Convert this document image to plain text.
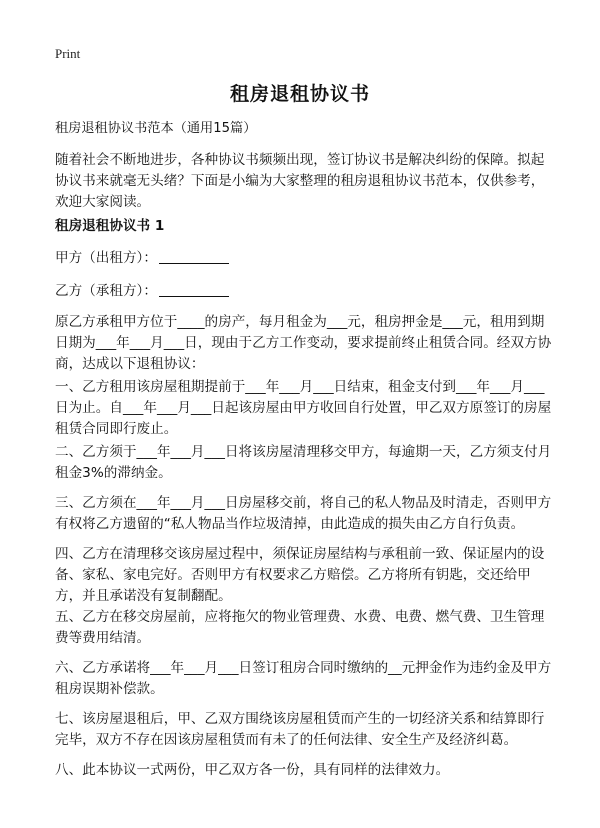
Print
租房退租协议书

租房退租协议书范本（通用15篇）

随着社会不断地进步，各种协议书频频出现，签订协议书是解决纠纷的保障。拟起协议书来就毫无头绪？下面是小编为大家整理的租房退租协议书范本，仅供参考，欢迎大家阅读。

租房退租协议书 1

甲方（出租方）：

乙方（承租方）：

原乙方承租甲方位于____的房产，每月租金为___元，租房押金是___元，租用到期日期为___年___月___日，现由于乙方工作变动，要求提前终止租赁合同。经双方协商，达成以下退租协议：

一、乙方租用该房屋租期提前于___年___月___日结束，租金支付到___年___月___日为止。自___年___月___日起该房屋由甲方收回自行处置，甲乙双方原签订的房屋租赁合同即行废止。

二、乙方须于___年___月___日将该房屋清理移交甲方，每逾期一天，乙方须支付月租金3%的滞纳金。

三、乙方须在___年___月___日房屋移交前，将自己的私人物品及时清走，否则甲方有权将乙方遗留的“私人物品当作垃圾清掉，由此造成的损失由乙方自行负责。

四、乙方在清理移交该房屋过程中，须保证房屋结构与承租前一致、保证屋内的设备、家私、家电完好。否则甲方有权要求乙方赔偿。乙方将所有钥匙，交还给甲方，并且承诺没有复制翻配。

五、乙方在移交房屋前，应将拖欠的物业管理费、水费、电费、燃气费、卫生管理费等费用结清。

六、乙方承诺将___年___月___日签订租房合同时缴纳的__元押金作为违约金及甲方租房误期补偿款。

七、该房屋退租后，甲、乙双方围绕该房屋租赁而产生的一切经济关系和结算即行完毕，双方不存在因该房屋租赁而有未了的任何法律、安全生产及经济纠葛。

八、此本协议一式两份，甲乙双方各一份，具有同样的法律效力。
